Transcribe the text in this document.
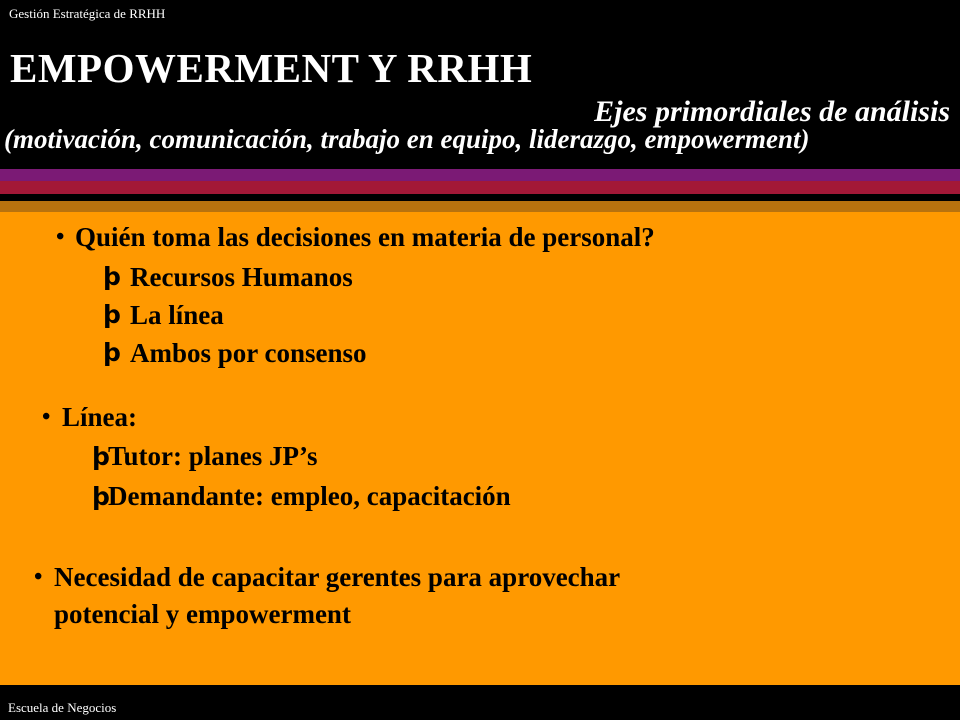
Gestión Estratégica de RRHH
EMPOWERMENT Y RRHH
Ejes primordiales de análisis
(motivación, comunicación, trabajo en equipo, liderazgo, empowerment)
• Quién toma las decisiones en materia de personal?
þ Recursos Humanos
þ La línea
þ Ambos por consenso
• Línea:
þ
Tutor: planes JP’s
þ
Demandante: empleo, capacitación
• Necesidad de capacitar gerentes para aprovechar
potencial y empowerment
Escuela de Negocios
